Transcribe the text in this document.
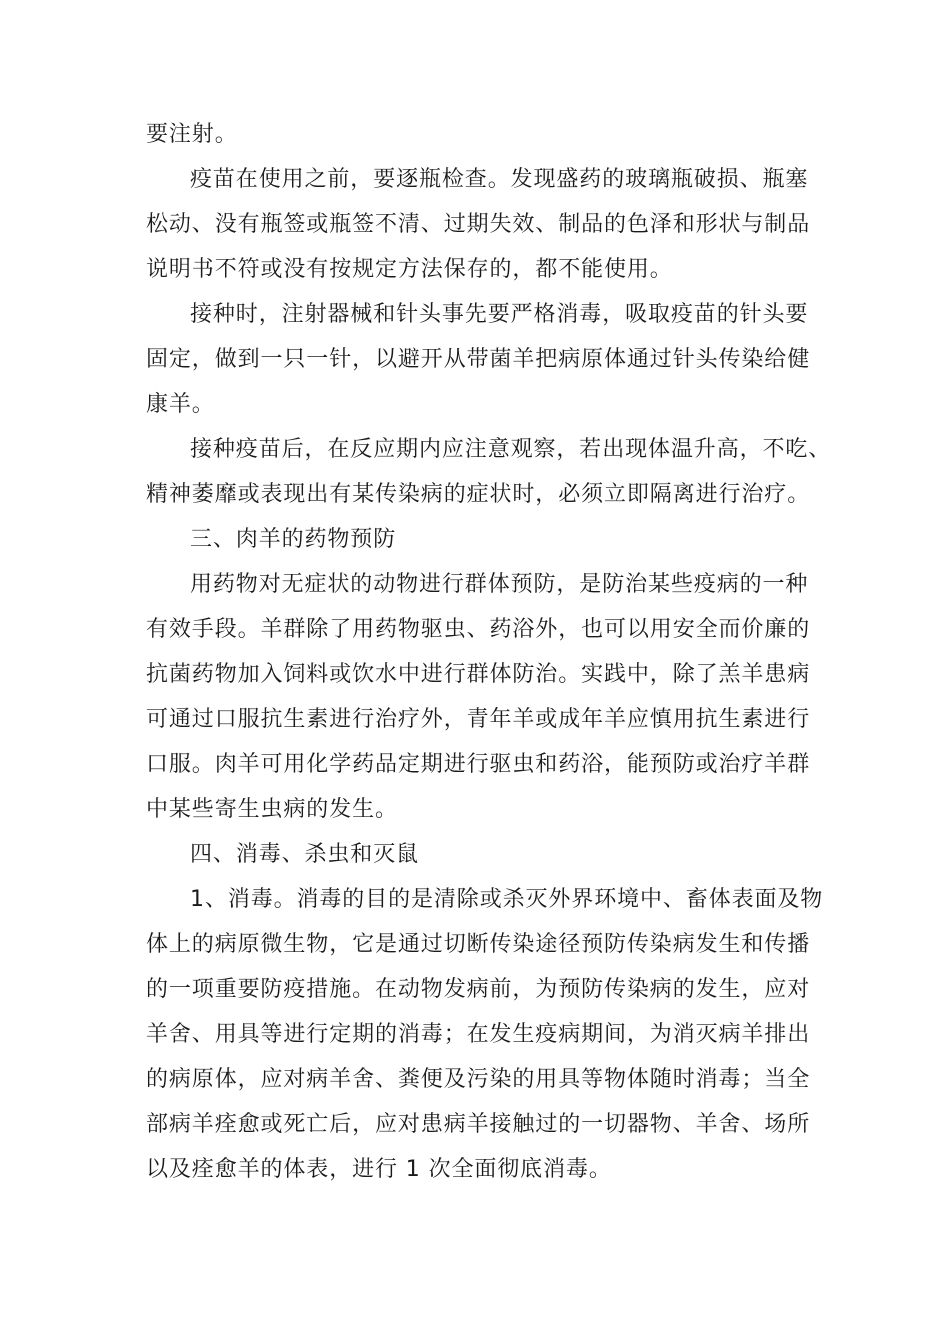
要注射。
疫苗在使用之前，要逐瓶检查。发现盛药的玻璃瓶破损、瓶塞
松动、没有瓶签或瓶签不清、过期失效、制品的色泽和形状与制品
说明书不符或没有按规定方法保存的，都不能使用。
接种时，注射器械和针头事先要严格消毒，吸取疫苗的针头要
固定，做到一只一针，以避开从带菌羊把病原体通过针头传染给健
康羊。
接种疫苗后，在反应期内应注意观察，若出现体温升高，不吃、
精神萎靡或表现出有某传染病的症状时，必须立即隔离进行治疗。
三、肉羊的药物预防
用药物对无症状的动物进行群体预防，是防治某些疫病的一种
有效手段。羊群除了用药物驱虫、药浴外，也可以用安全而价廉的
抗菌药物加入饲料或饮水中进行群体防治。实践中，除了羔羊患病
可通过口服抗生素进行治疗外，青年羊或成年羊应慎用抗生素进行
口服。肉羊可用化学药品定期进行驱虫和药浴，能预防或治疗羊群
中某些寄生虫病的发生。
四、消毒、杀虫和灭鼠
1、消毒。消毒的目的是清除或杀灭外界环境中、畜体表面及物
体上的病原微生物，它是通过切断传染途径预防传染病发生和传播
的一项重要防疫措施。在动物发病前，为预防传染病的发生，应对
羊舍、用具等进行定期的消毒；在发生疫病期间，为消灭病羊排出
的病原体，应对病羊舍、粪便及污染的用具等物体随时消毒；当全
部病羊痊愈或死亡后，应对患病羊接触过的一切器物、羊舍、场所
以及痊愈羊的体表，进行 1 次全面彻底消毒。
